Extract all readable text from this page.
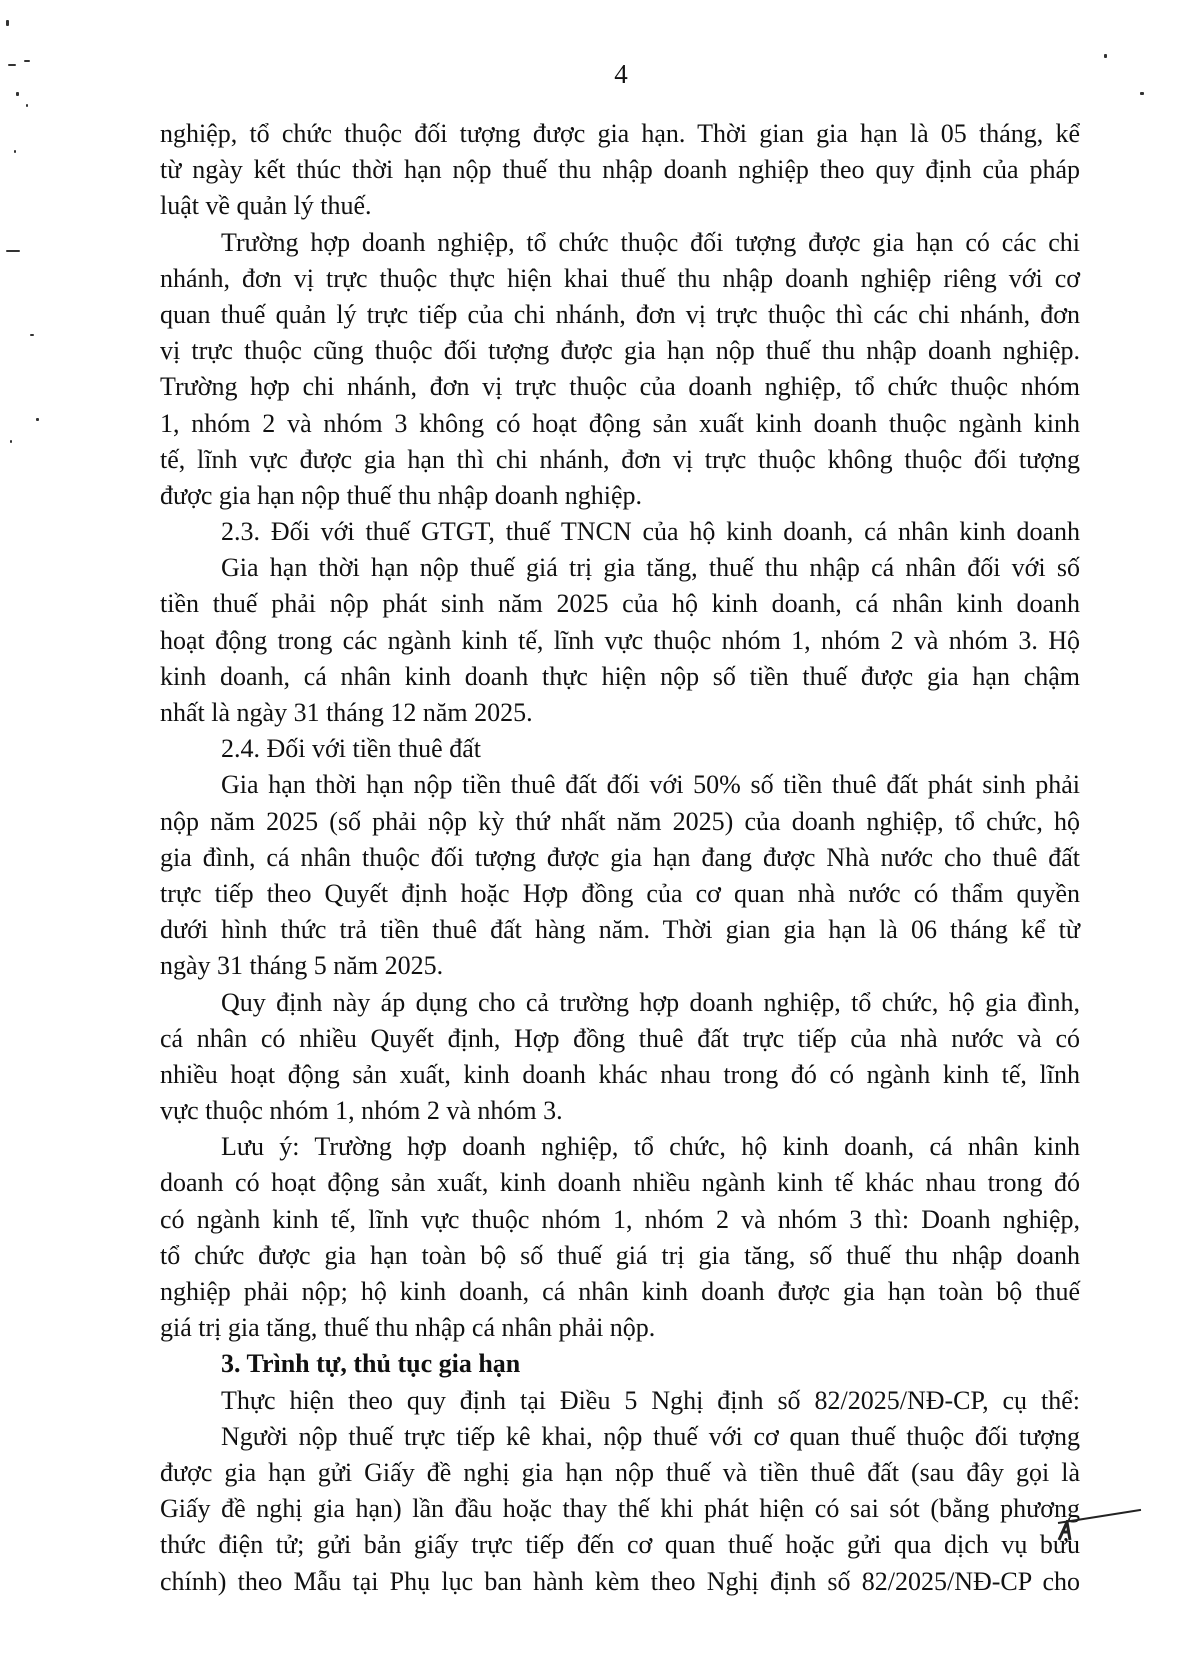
4
nghiệp, tổ chức thuộc đối tượng được gia hạn. Thời gian gia hạn là 05 tháng, kể
từ ngày kết thúc thời hạn nộp thuế thu nhập doanh nghiệp theo quy định của pháp
luật về quản lý thuế.
Trường hợp doanh nghiệp, tổ chức thuộc đối tượng được gia hạn có các chi
nhánh, đơn vị trực thuộc thực hiện khai thuế thu nhập doanh nghiệp riêng với cơ
quan thuế quản lý trực tiếp của chi nhánh, đơn vị trực thuộc thì các chi nhánh, đơn
vị trực thuộc cũng thuộc đối tượng được gia hạn nộp thuế thu nhập doanh nghiệp.
Trường hợp chi nhánh, đơn vị trực thuộc của doanh nghiệp, tổ chức thuộc nhóm
1, nhóm 2 và nhóm 3 không có hoạt động sản xuất kinh doanh thuộc ngành kinh
tế, lĩnh vực được gia hạn thì chi nhánh, đơn vị trực thuộc không thuộc đối tượng
được gia hạn nộp thuế thu nhập doanh nghiệp.
2.3. Đối với thuế GTGT, thuế TNCN của hộ kinh doanh, cá nhân kinh doanh
Gia hạn thời hạn nộp thuế giá trị gia tăng, thuế thu nhập cá nhân đối với số
tiền thuế phải nộp phát sinh năm 2025 của hộ kinh doanh, cá nhân kinh doanh
hoạt động trong các ngành kinh tế, lĩnh vực thuộc nhóm 1, nhóm 2 và nhóm 3. Hộ
kinh doanh, cá nhân kinh doanh thực hiện nộp số tiền thuế được gia hạn chậm
nhất là ngày 31 tháng 12 năm 2025.
2.4. Đối với tiền thuê đất
Gia hạn thời hạn nộp tiền thuê đất đối với 50% số tiền thuê đất phát sinh phải
nộp năm 2025 (số phải nộp kỳ thứ nhất năm 2025) của doanh nghiệp, tổ chức, hộ
gia đình, cá nhân thuộc đối tượng được gia hạn đang được Nhà nước cho thuê đất
trực tiếp theo Quyết định hoặc Hợp đồng của cơ quan nhà nước có thẩm quyền
dưới hình thức trả tiền thuê đất hàng năm. Thời gian gia hạn là 06 tháng kể từ
ngày 31 tháng 5 năm 2025.
Quy định này áp dụng cho cả trường hợp doanh nghiệp, tổ chức, hộ gia đình,
cá nhân có nhiều Quyết định, Hợp đồng thuê đất trực tiếp của nhà nước và có
nhiều hoạt động sản xuất, kinh doanh khác nhau trong đó có ngành kinh tế, lĩnh
vực thuộc nhóm 1, nhóm 2 và nhóm 3.
Lưu ý: Trường hợp doanh nghiệp, tổ chức, hộ kinh doanh, cá nhân kinh
doanh có hoạt động sản xuất, kinh doanh nhiều ngành kinh tế khác nhau trong đó
có ngành kinh tế, lĩnh vực thuộc nhóm 1, nhóm 2 và nhóm 3 thì: Doanh nghiệp,
tổ chức được gia hạn toàn bộ số thuế giá trị gia tăng, số thuế thu nhập doanh
nghiệp phải nộp; hộ kinh doanh, cá nhân kinh doanh được gia hạn toàn bộ thuế
giá trị gia tăng, thuế thu nhập cá nhân phải nộp.
3. Trình tự, thủ tục gia hạn
Thực hiện theo quy định tại Điều 5 Nghị định số 82/2025/NĐ-CP, cụ thể:
Người nộp thuế trực tiếp kê khai, nộp thuế với cơ quan thuế thuộc đối tượng
được gia hạn gửi Giấy đề nghị gia hạn nộp thuế và tiền thuê đất (sau đây gọi là
Giấy đề nghị gia hạn) lần đầu hoặc thay thế khi phát hiện có sai sót (bằng phương
thức điện tử; gửi bản giấy trực tiếp đến cơ quan thuế hoặc gửi qua dịch vụ bưu
chính) theo Mẫu tại Phụ lục ban hành kèm theo Nghị định số 82/2025/NĐ-CP cho
